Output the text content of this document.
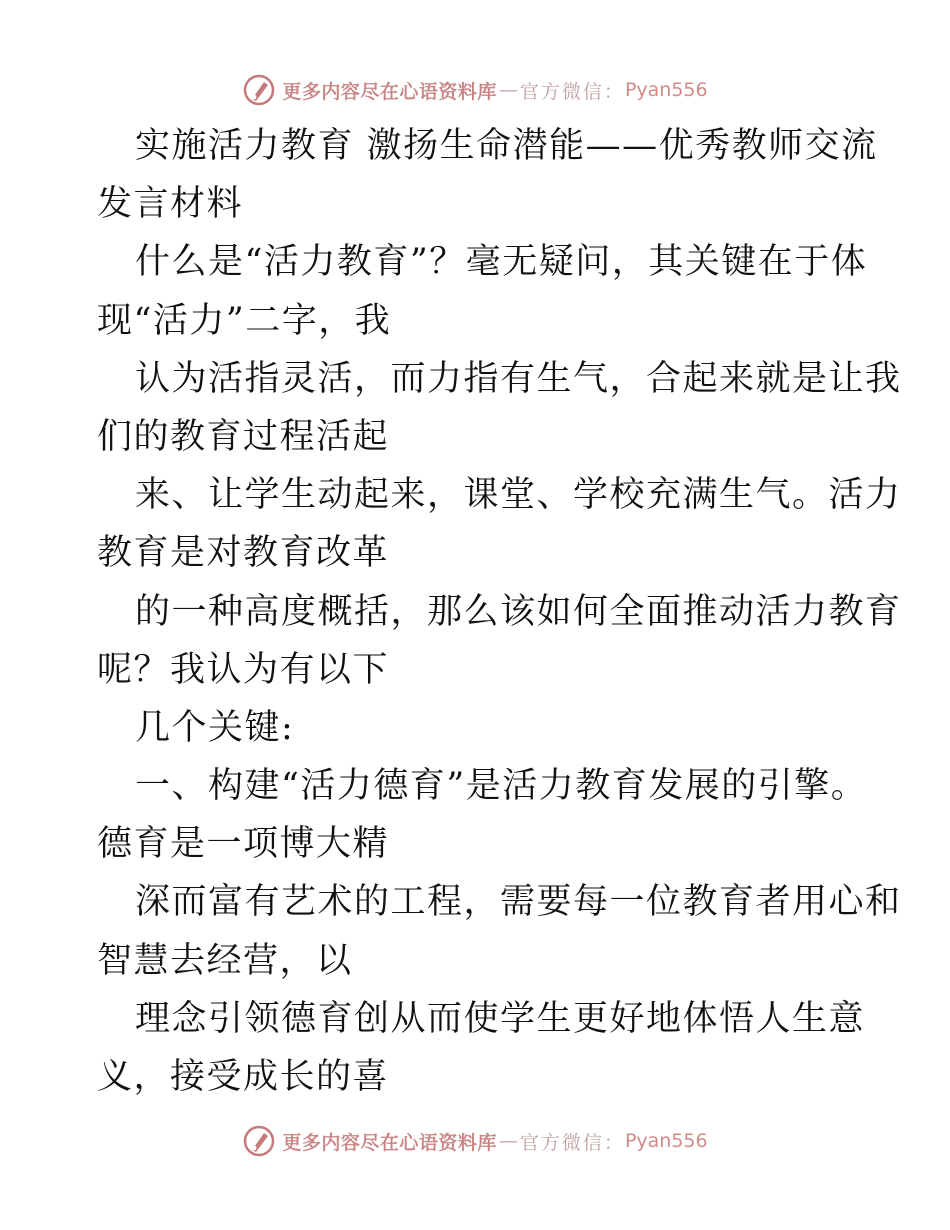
更多内容尽在心语资料库 — 官方微信： Pyan556
实施活力教育 激扬生命潜能——优秀教师交流
发言材料
什么是“活力教育”？毫无疑问，其关键在于体
现“活力”二字，我
认为活指灵活，而力指有生气，合起来就是让我
们的教育过程活起
来、让学生动起来，课堂、学校充满生气。活力
教育是对教育改革
的一种高度概括，那么该如何全面推动活力教育
呢？我认为有以下
几个关键:
一、构建“活力德育”是活力教育发展的引擎。
德育是一项博大精
深而富有艺术的工程，需要每一位教育者用心和
智慧去经营，以
理念引领德育创从而使学生更好地体悟人生意
义，接受成长的喜
更多内容尽在心语资料库 — 官方微信： Pyan556
